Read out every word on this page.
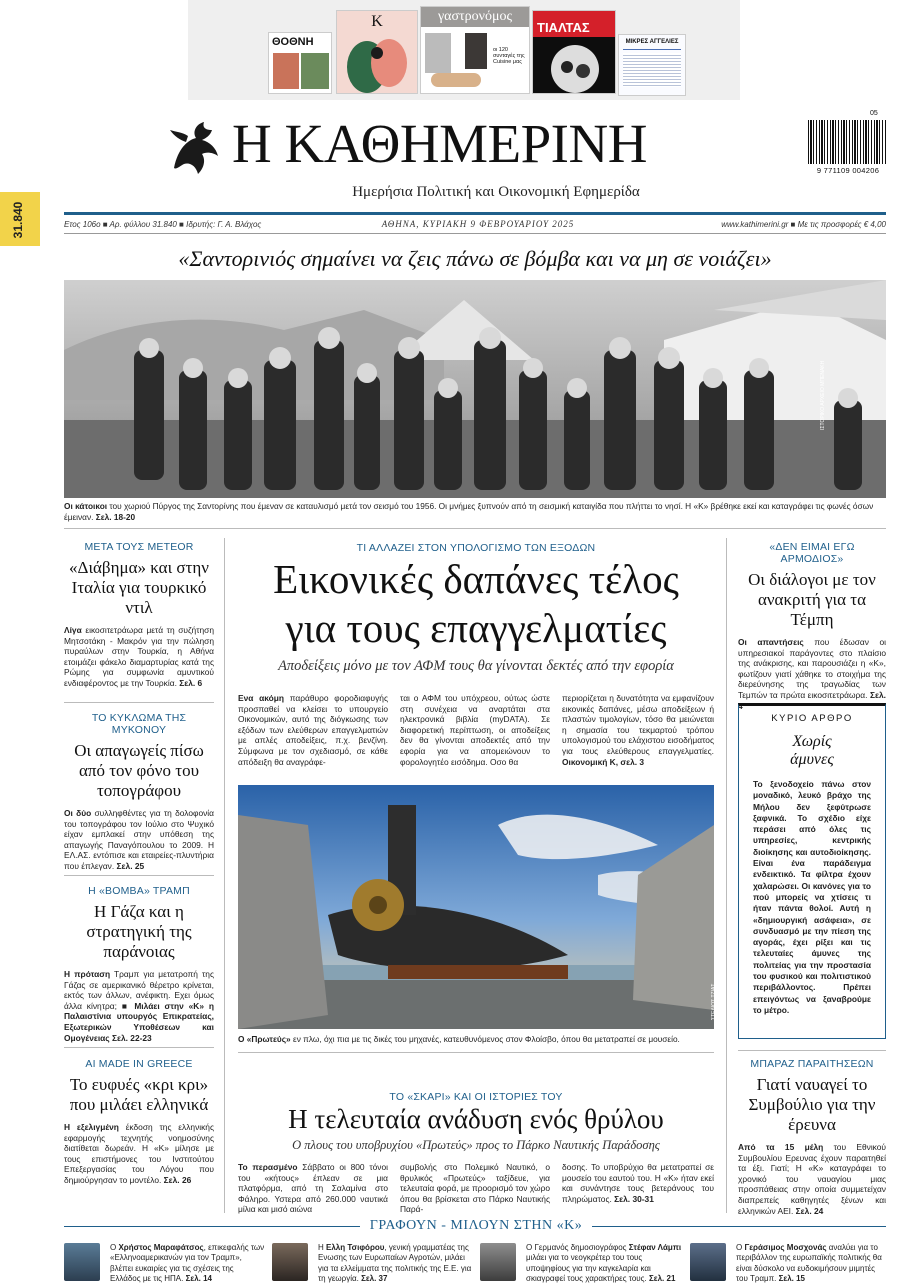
ΘΟΘΝΗ
K	γαστρονόμος
οι 120 συνταγές της Cuisine μας
ΤΙΑΛΤΑΣ
ΜΙΚΡΕΣ ΑΓΓΕΛΙΕΣ
31.840
Η ΚΑΘΗΜΕΡΙΝΗ
Ημερήσια Πολιτική και Οικονομική Εφημερίδα
05
9 771109 004206
Ετος 106ο ■ Αρ. φύλλου 31.840 ■ Ιδρυτής: Γ. Α. Βλάχος	ΑΘΗΝΑ, ΚΥΡΙΑΚΗ 9 ΦΕΒΡΟΥΑΡΙΟΥ 2025	www.kathimerini.gr ■ Με τις προσφορές € 4,00
«Σαντορινιός σημαίνει να ζεις πάνω σε βόμβα και να μη σε νοιάζει»
ΙΣΤΟΡΙΚΟ ΑΡΧΕΙΟ ΜΠΕΝΑΚΗ
Οι κάτοικοι του χωριού Πύργος της Σαντορίνης που έμεναν σε καταυλισμό μετά τον σεισμό του 1956. Οι μνήμες ξυπνούν από τη σεισμική καταιγίδα που πλήττει το νησί. Η «Κ» βρέθηκε εκεί και καταγράφει τις φωνές όσων έμειναν. Σελ. 18-20
ΜΕΤΑ ΤΟΥΣ METEOR
«Διάβημα» και στην Ιταλία για τουρκικό ντιλ
Λίγα εικοσιτετράωρα μετά τη συζήτηση Μητσοτάκη - Μακρόν για την πώληση πυραύλων στην Τουρκία, η Αθήνα ετοιμάζει φάκελο διαμαρτυρίας κατά της Ρώμης για συμφωνία αμυντικού ενδιαφέροντος με την Τουρκία. Σελ. 6
ΤΟ ΚΥΚΛΩΜΑ ΤΗΣ ΜΥΚΟΝΟΥ
Οι απαγωγείς πίσω από τον φόνο του τοπογράφου
Οι δύο συλληφθέντες για τη δολοφονία του τοπογράφου τον Ιούλιο στο Ψυχικό είχαν εμπλακεί στην υπόθεση της απαγωγής Παναγόπουλου το 2009. Η ΕΛ.ΑΣ. εντόπισε και εταιρείες-πλυντήρια που έπλεγαν. Σελ. 25
Η «ΒΟΜΒΑ» ΤΡΑΜΠ
Η Γάζα και η στρατηγική της παράνοιας
Η πρόταση Τραμπ για μετατροπή της Γάζας σε αμερικανικό θέρετρο κρίνεται, εκτός των άλλων, ανέφικτη. Εχει όμως άλλα κίνητρα; ■ Μιλάει στην «Κ» η Παλαιστίνια υπουργός Επικρατείας, Εξωτερικών Υποθέσεων και Ομογένειας Σελ. 22-23
AI MADE IN GREECE
Το ευφυές «κρι κρι» που μιλάει ελληνικά
Η εξελιγμένη έκδοση της ελληνικής εφαρμογής τεχνητής νοημοσύνης διατίθεται δωρεάν. Η «Κ» μίλησε με τους επιστήμονες του Ινστιτούτου Επεξεργασίας του Λόγου που δημιούργησαν το μοντέλο. Σελ. 26
ΤΙ ΑΛΛΑΖΕΙ ΣΤΟΝ ΥΠΟΛΟΓΙΣΜΟ ΤΩΝ ΕΞΟΔΩΝ
Εικονικές δαπάνες τέλος
για τους επαγγελματίες
Αποδείξεις μόνο με τον ΑΦΜ τους θα γίνονται δεκτές από την εφορία
Ενα ακόμη παράθυρο φοροδιαφυγής προσπαθεί να κλείσει το υπουργείο Οικονομικών, αυτό της διόγκωσης των εξόδων των ελεύθερων επαγγελματιών με απλές αποδείξεις, π.χ. βενζίνη. Σύμφωνα με τον σχεδιασμό, σε κάθε απόδειξη θα αναγράφε-
ται ο ΑΦΜ του υπόχρεου, ούτως ώστε στη συνέχεια να αναρτάται στα ηλεκτρονικά βιβλία (myDATA). Σε διαφορετική περίπτωση, οι αποδείξεις δεν θα γίνονται αποδεκτές από την εφορία για να απομειώνουν το φορολογητέο εισόδημα. Οσο θα
περιορίζεται η δυνατότητα να εμφανίζουν εικονικές δαπάνες, μέσω αποδείξεων ή πλαστών τιμολογίων, τόσο θα μειώνεται η σημασία του τεκμαρτού τρόπου υπολογισμού του ελάχιστου εισοδήματος για τους ελεύθερους επαγγελματίες. Οικονομική Κ, σελ. 3
ΣΤΕΛΙΟΣ ΤΖΙΑΣ
Ο «Πρωτεύς» εν πλω, όχι πια με τις δικές του μηχανές, κατευθυνόμενος στον Φλοίσβο, όπου θα μετατραπεί σε μουσείο.
ΤΟ «ΣΚΑΡΙ» ΚΑΙ ΟΙ ΙΣΤΟΡΙΕΣ ΤΟΥ
Η τελευταία ανάδυση ενός θρύλου
Ο πλους του υποβρυχίου «Πρωτεύς» προς το Πάρκο Ναυτικής Παράδοσης
Το περασμένο Σάββατο οι 800 τόνοι του «κήτους» έπλεαν σε μια πλατφόρμα, από τη Σαλαμίνα στο Φάληρο. Υστερα από 260.000 ναυτικά μίλια και μισό αιώνα
συμβολής στο Πολεμικό Ναυτικό, ο θρυλικός «Πρωτεύς» ταξίδευε, για τελευταία φορά, με προορισμό τον χώρο όπου θα βρίσκεται στο Πάρκο Ναυτικής Παρά-
δοσης. Το υποβρύχιο θα μετατραπεί σε μουσείο του εαυτού του. Η «Κ» ήταν εκεί και συνάντησε τους βετεράνους του πληρώματος. Σελ. 30-31
«ΔΕΝ ΕΙΜΑΙ ΕΓΩ ΑΡΜΟΔΙΟΣ»
Οι διάλογοι με τον ανακριτή για τα Τέμπη
Οι απαντήσεις που έδωσαν οι υπηρεσιακοί παράγοντες στο πλαίσιο της ανάκρισης, και παρουσιάζει η «Κ», φωτίζουν γιατί χάθηκε το στοιχήμα της διερεύνησης της τραγωδίας των Τεμπών τα πρώτα εικοσιτετράωρα. Σελ. 4
ΚΥΡΙΟ ΑΡΘΡΟ
Χωρίς
άμυνες
Το ξενοδοχείο πάνω στον μοναδικό, λευκό βράχο της Μήλου δεν ξεφύτρωσε ξαφνικά. Το σχέδιο είχε περάσει από όλες τις υπηρεσίες, κεντρικής διοίκησης και αυτοδιοίκησης. Είναι ένα παράδειγμα ενδεικτικό. Τα φίλτρα έχουν χαλαρώσει. Οι κανόνες για το πού μπορείς να χτίσεις τι ήταν πάντα θολοί. Αυτή η «δημιουργική ασάφεια», σε συνδυασμό με την πίεση της αγοράς, έχει ρίξει και τις τελευταίες άμυνες της πολιτείας για την προστασία του φυσικού και πολιτιστικού περιβάλλοντος. Πρέπει επειγόντως να ξαναβρούμε το μέτρο.
ΜΠΑΡΑΖ ΠΑΡΑΙΤΗΣΕΩΝ
Γιατί ναυαγεί το Συμβούλιο για την έρευνα
Από τα 15 μέλη του Εθνικού Συμβουλίου Ερευνας έχουν παραιτηθεί τα έξι. Γιατί; Η «Κ» καταγράφει το χρονικό του ναυαγίου μιας προσπάθειας στην οποία συμμετείχαν διαπρεπείς καθηγητές ξένων και ελληνικών ΑΕΙ. Σελ. 24
ΓΡΑΦΟΥΝ - ΜΙΛΟΥΝ ΣΤΗΝ «Κ»
Ο Χρήστος Μαραφάτσος, επικεφαλής των «Ελληνοαμερικανών για τον Τραμπ», βλέπει ευκαιρίες για τις σχέσεις της Ελλάδος με τις ΗΠΑ. Σελ. 14
Η Ελλη Τσιφόρου, γενική γραμματέας της Ενωσης των Ευρωπαίων Αγροτών, μιλάει για τα ελλείμματα της πολιτικής της Ε.Ε. για τη γεωργία. Σελ. 37
Ο Γερμανός δημοσιογράφος Στέφαν Λάμπι μιλάει για το νεογκρέτερ του τους υποψηφίους για την καγκελαρία και σκιαγραφεί τους χαρακτήρες τους. Σελ. 21
Ο Γεράσιμος Μοσχονάς αναλύει για το περιβάλλον της ευρωπαϊκής πολιτικής θα είναι δύσκολο να ευδοκιμήσουν μιμητές του Τραμπ. Σελ. 15
